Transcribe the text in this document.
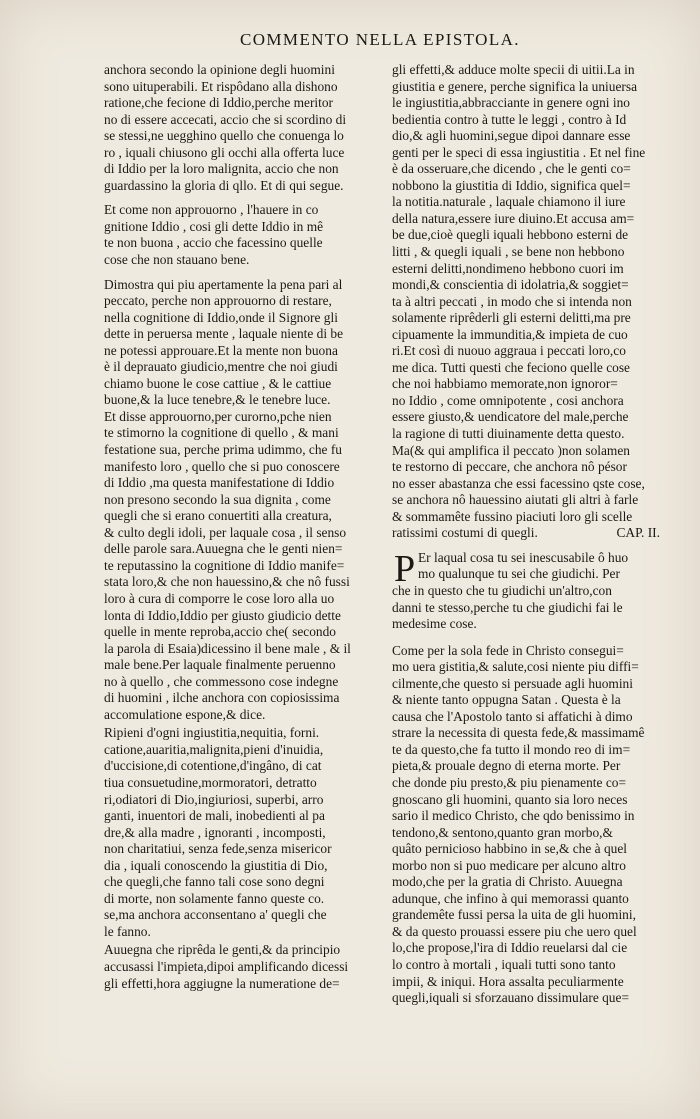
COMMENTO NELLA EPISTOLA.
anchora secondo la opinione degli huomini
sono uituperabili. Et rispôdano alla dishono
ratione,che fecione di Iddio,perche meritor
no di essere accecati, accio che si scordino di
se stessi,ne uegghino quello che conuenga lo
ro , iquali chiusono gli occhi alla offerta luce
di Iddio per la loro malignita, accio che non
guardassino la gloria di qllo. Et di qui segue.
Et come non approuorno , l'hauere in co
gnitione Iddio , cosi gli dette Iddio in mê
te non buona , accio che facessino quelle
cose che non stauano bene.
Dimostra qui piu apertamente la pena pari al
peccato, perche non approuorno di restare,
nella cognitione di Iddio,onde il Signore gli
dette in peruersa mente , laquale niente di be
ne potessi approuare.Et la mente non buona
è il deprauato giudicio,mentre che noi giudi
chiamo buone le cose cattiue , & le cattiue
buone,& la luce tenebre,& le tenebre luce.
Et disse approuorno,per curorno,pche nien
te stimorno la cognitione di quello , & mani
festatione sua, perche prima udimmo, che fu
manifesto loro , quello che si puo conoscere
di Iddio ,ma questa manifestatione di Iddio
non presono secondo la sua dignita , come
quegli che si erano conuertiti alla creatura,
& culto degli idoli, per laquale cosa , il senso
delle parole sara.Auuegna che le genti nien=
te reputassino la cognitione di Iddio manife=
stata loro,& che non hauessino,& che nô fussi
loro à cura di comporre le cose loro alla uo
lonta di Iddio,Iddio per giusto giudicio dette
quelle in mente reproba,accio che( secondo
la parola di Esaia)dicessino il bene male , & il
male bene.Per laquale finalmente peruenno
no à quello , che commessono cose indegne
di huomini , ilche anchora con copiosissima
accomulatione espone,& dice.
Ripieni d'ogni ingiustitia,nequitia, forni.
catione,auaritia,malignita,pieni d'inuidia,
d'uccisione,di cotentione,d'ingâno, di cat
tiua consuetudine,mormoratori, detratto
ri,odiatori di Dio,ingiuriosi, superbi, arro
ganti, inuentori de mali, inobedienti al pa
dre,& alla madre , ignoranti , incomposti,
non charitatiui, senza fede,senza misericor
dia , iquali conoscendo la giustitia di Dio,
che quegli,che fanno tali cose sono degni
di morte, non solamente fanno queste co.
se,ma anchora acconsentano a' quegli che
le fanno.
Auuegna che riprêda le genti,& da principio
accusassi l'impieta,dipoi amplificando dicessi
gli effetti,hora aggiugne la numeratione de=
gli effetti,& adduce molte specii di uitii.La in
giustitia e genere, perche significa la uniuersa
le ingiustitia,abbracciante in genere ogni ino
bedientia contro à tutte le leggi , contro à Id
dio,& agli huomini,segue dipoi dannare esse
genti per le speci di essa ingiustitia . Et nel fine
è da osseruare,che dicendo , che le genti co=
nobbono la giustitia di Iddio, significa quel=
la notitia.naturale , laquale chiamono il iure
della natura,essere iure diuino.Et accusa am=
be due,cioè quegli iquali hebbono esterni de
litti , & quegli iquali , se bene non hebbono
esterni delitti,nondimeno hebbono cuori im
mondi,& conscientia di idolatria,& soggiet=
ta à altri peccati , in modo che si intenda non
solamente riprêderli gli esterni delitti,ma pre
cipuamente la immunditia,& impieta de cuo
ri.Et così di nuouo aggraua i peccati loro,co
me dica. Tutti questi che feciono quelle cose
che noi habbiamo memorate,non ignoror=
no Iddio , come omnipotente , cosi anchora
essere giusto,& uendicatore del male,perche
la ragione di tutti diuinamente detta questo.
Ma(& qui amplifica il peccato )non solamen
te restorno di peccare, che anchora nô pésor
no esser abastanza che essi facessino qste cose,
se anchora nô hauessino aiutati gli altri à farle
& sommamête fussino piaciuti loro gli scelle
ratissimi costumi di quegli.	CAP. II.
P Er laqual cosa tu sei inescusabile ô huo
mo qualunque tu sei che giudichi. Per
che in questo che tu giudichi un'altro,con
danni te stesso,perche tu che giudichi fai le
medesime cose.
Come per la sola fede in Christo consegui=
mo uera gistitia,& salute,cosi niente piu diffi=
cilmente,che questo si persuade agli huomini
& niente tanto oppugna Satan . Questa è la
causa che l'Apostolo tanto si affatichi à dimo
strare la necessita di questa fede,& massimamê
te da questo,che fa tutto il mondo reo di im=
pieta,& prouale degno di eterna morte. Per
che donde piu presto,& piu pienamente co=
gnoscano gli huomini, quanto sia loro neces
sario il medico Christo, che qdo benissimo in
tendono,& sentono,quanto gran morbo,&
quâto pernicioso habbino in se,& che à quel
morbo non si puo medicare per alcuno altro
modo,che per la gratia di Christo. Auuegna
adunque, che infino à qui memorassi quanto
grandemête fussi persa la uita de gli huomini,
& da questo prouassi essere piu che uero quel
lo,che propose,l'ira di Iddio reuelarsi dal cie
lo contro à mortali , iquali tutti sono tanto
impii, & iniqui. Hora assalta peculiarmente
quegli,iquali si sforzauano dissimulare que=
